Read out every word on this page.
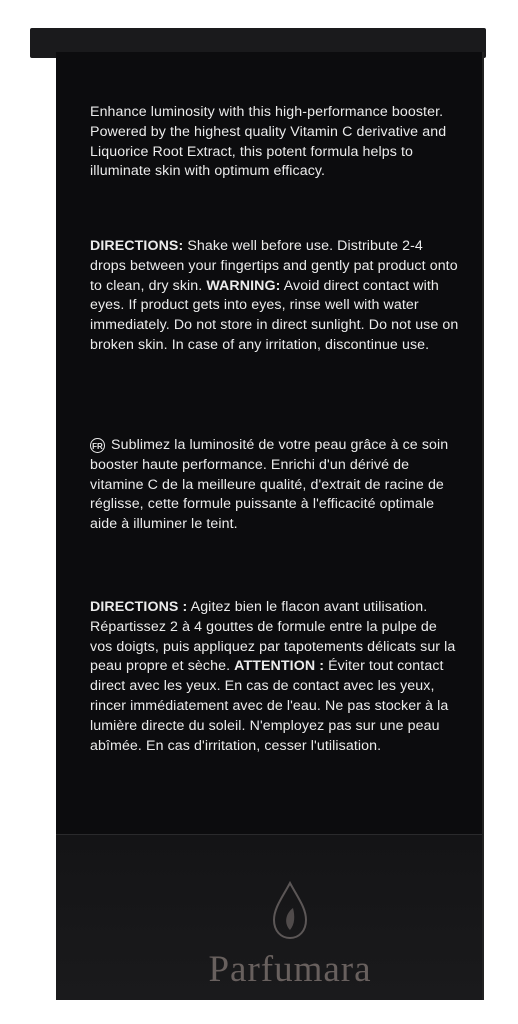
Enhance luminosity with this high-performance booster. Powered by the highest quality Vitamin C derivative and Liquorice Root Extract, this potent formula helps to illuminate skin with optimum efficacy.

DIRECTIONS: Shake well before use. Distribute 2-4 drops between your fingertips and gently pat product onto to clean, dry skin. WARNING: Avoid direct contact with eyes. If product gets into eyes, rinse well with water immediately. Do not store in direct sunlight. Do not use on broken skin. In case of any irritation, discontinue use.

FR Sublimez la luminosité de votre peau grâce à ce soin booster haute performance. Enrichi d'un dérivé de vitamine C de la meilleure qualité, d'extrait de racine de réglisse, cette formule puissante à l'efficacité optimale aide à illuminer le teint.

DIRECTIONS : Agitez bien le flacon avant utilisation. Répartissez 2 à 4 gouttes de formule entre la pulpe de vos doigts, puis appliquez par tapotements délicats sur la peau propre et sèche. ATTENTION : Éviter tout contact direct avec les yeux. En cas de contact avec les yeux, rincer immédiatement avec de l'eau. Ne pas stocker à la lumière directe du soleil. N'employez pas sur une peau abîmée. En cas d'irritation, cesser l'utilisation.

Parfumara
